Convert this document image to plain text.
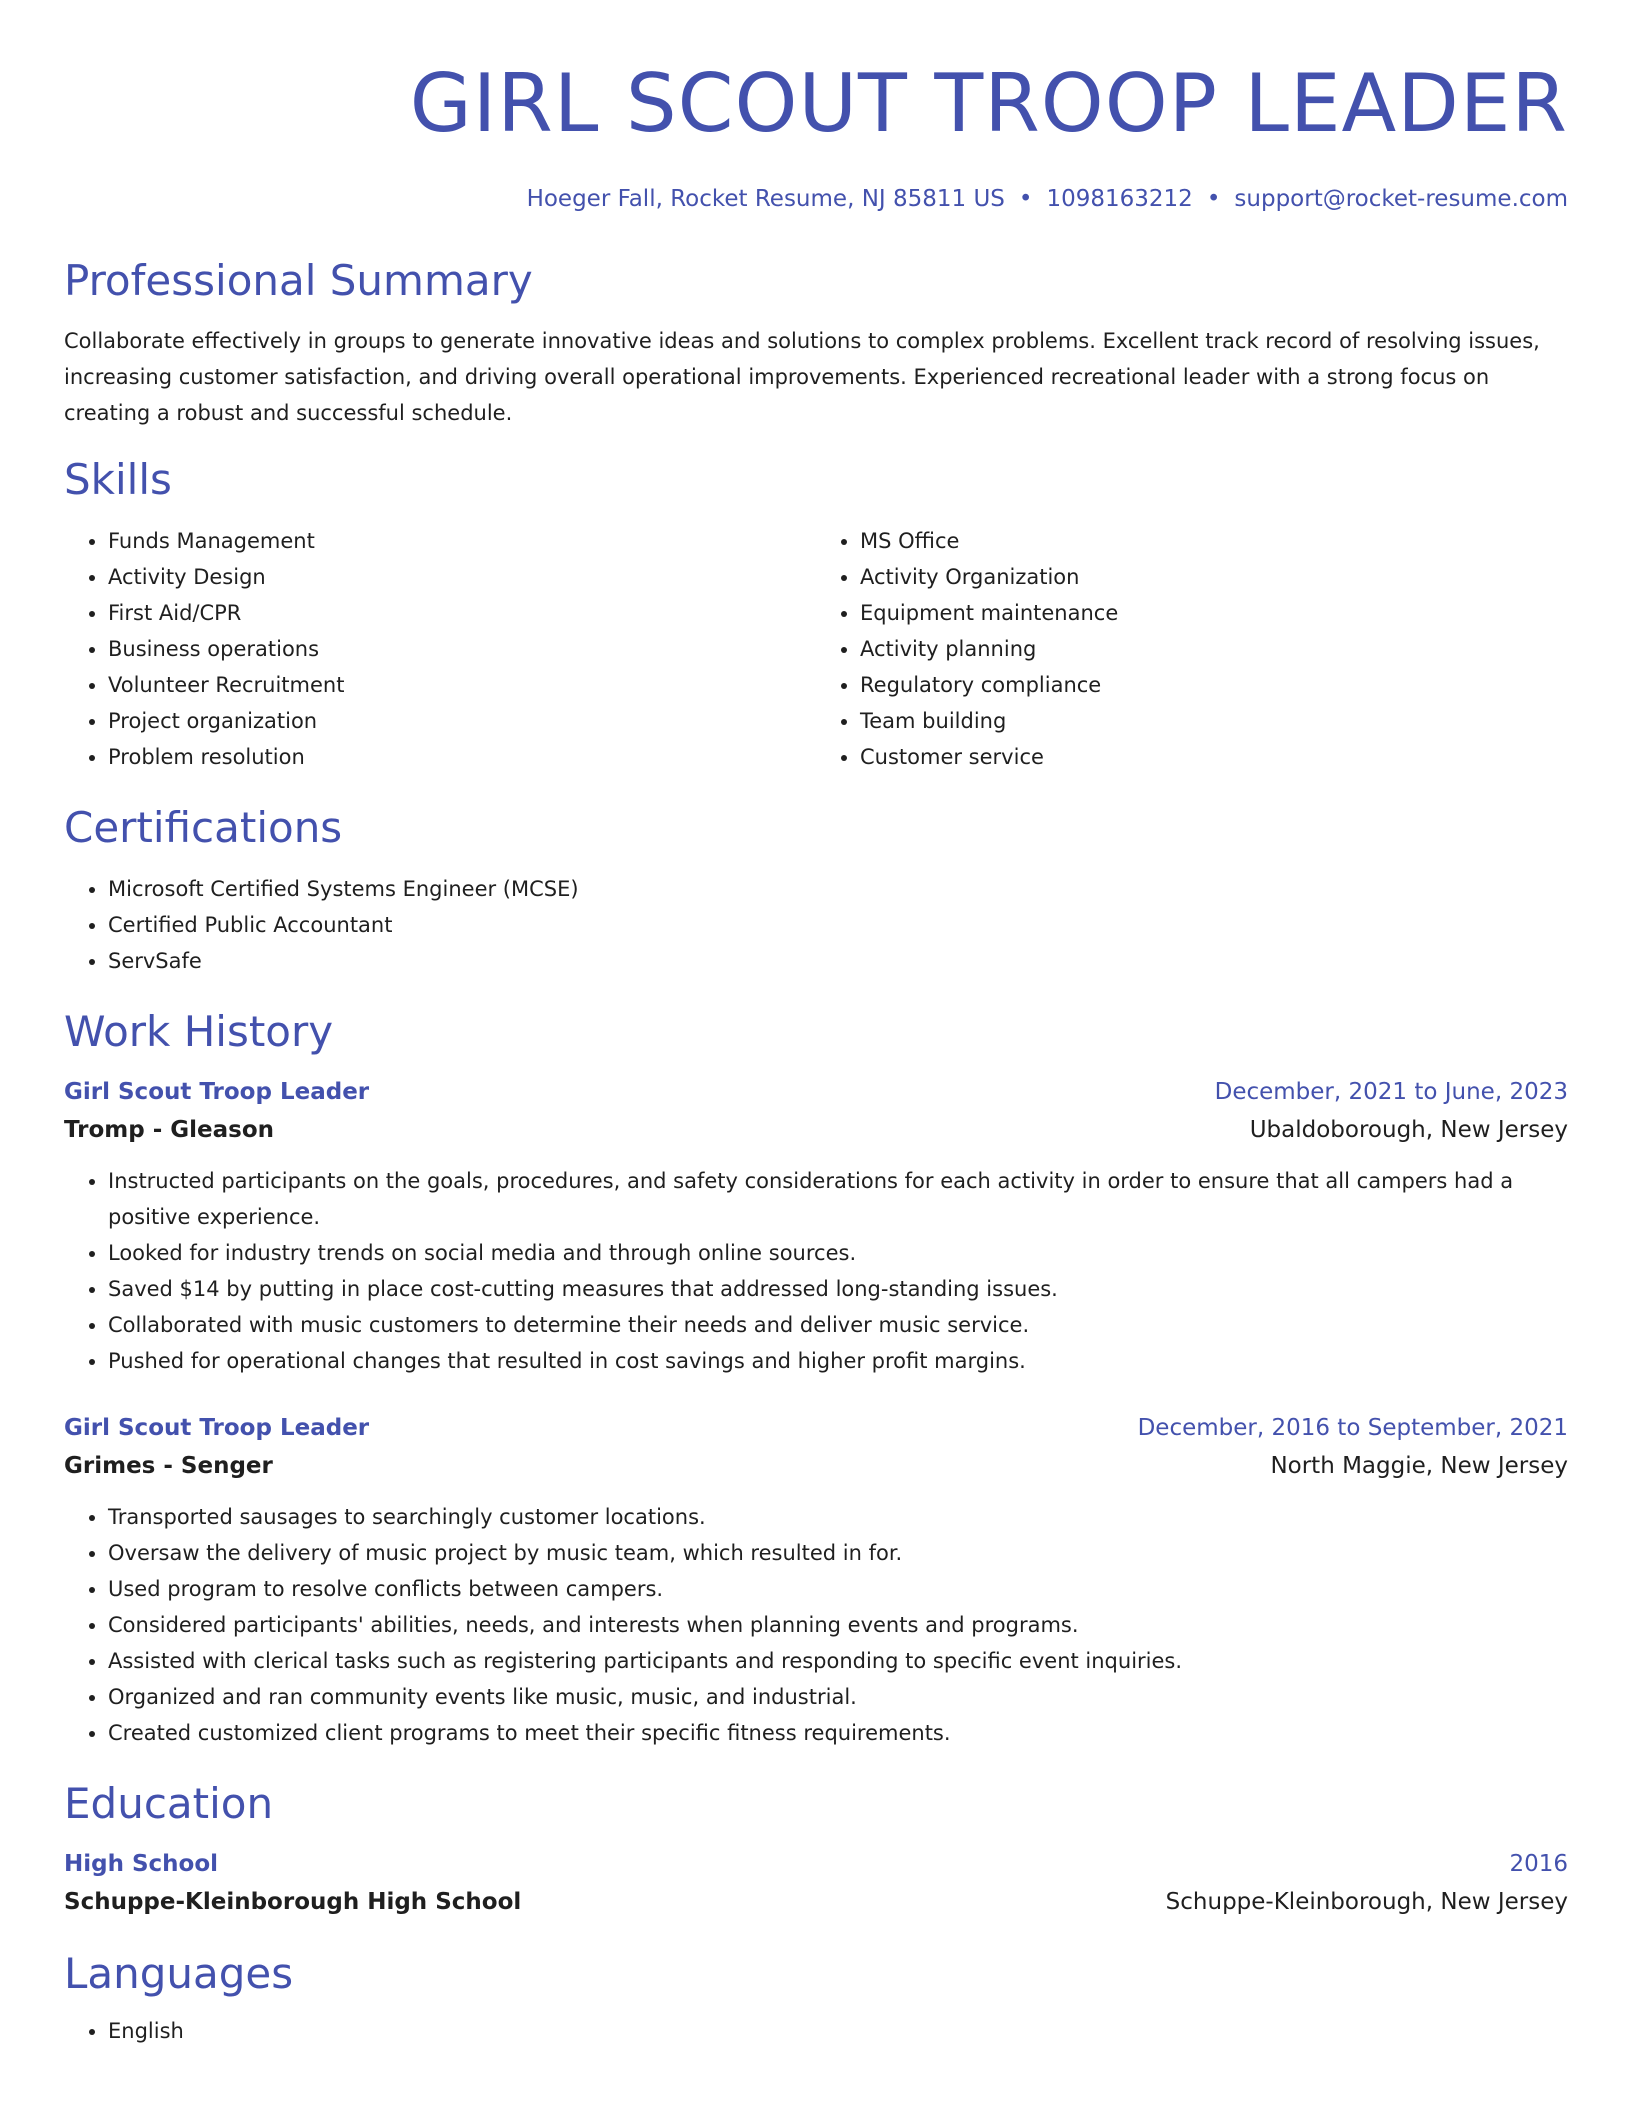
GIRL SCOUT TROOP LEADER
Hoeger Fall, Rocket Resume, NJ 85811 US • 1098163212 • support@rocket-resume.com
Professional Summary

Collaborate effectively in groups to generate innovative ideas and solutions to complex problems. Excellent track record of resolving issues, increasing customer satisfaction, and driving overall operational improvements. Experienced recreational leader with a strong focus on creating a robust and successful schedule.

Skills
• Funds Management
• Activity Design
• First Aid/CPR
• Business operations
• Volunteer Recruitment
• Project organization
• Problem resolution
• MS Office
• Activity Organization
• Equipment maintenance
• Activity planning
• Regulatory compliance
• Team building
• Customer service
Certifications
• Microsoft Certified Systems Engineer (MCSE)
• Certified Public Accountant
• ServSafe
Work History
Girl Scout Troop Leader	December, 2021 to June, 2023
Tromp - Gleason	Ubaldoborough, New Jersey
• Instructed participants on the goals, procedures, and safety considerations for each activity in order to ensure that all campers had a positive experience.
• Looked for industry trends on social media and through online sources.
• Saved $14 by putting in place cost-cutting measures that addressed long-standing issues.
• Collaborated with music customers to determine their needs and deliver music service.
• Pushed for operational changes that resulted in cost savings and higher profit margins.
Girl Scout Troop Leader	December, 2016 to September, 2021
Grimes - Senger	North Maggie, New Jersey
• Transported sausages to searchingly customer locations.
• Oversaw the delivery of music project by music team, which resulted in for.
• Used program to resolve conflicts between campers.
• Considered participants' abilities, needs, and interests when planning events and programs.
• Assisted with clerical tasks such as registering participants and responding to specific event inquiries.
• Organized and ran community events like music, music, and industrial.
• Created customized client programs to meet their specific fitness requirements.
Education
High School	2016
Schuppe-Kleinborough High School	Schuppe-Kleinborough, New Jersey
Languages
• English
